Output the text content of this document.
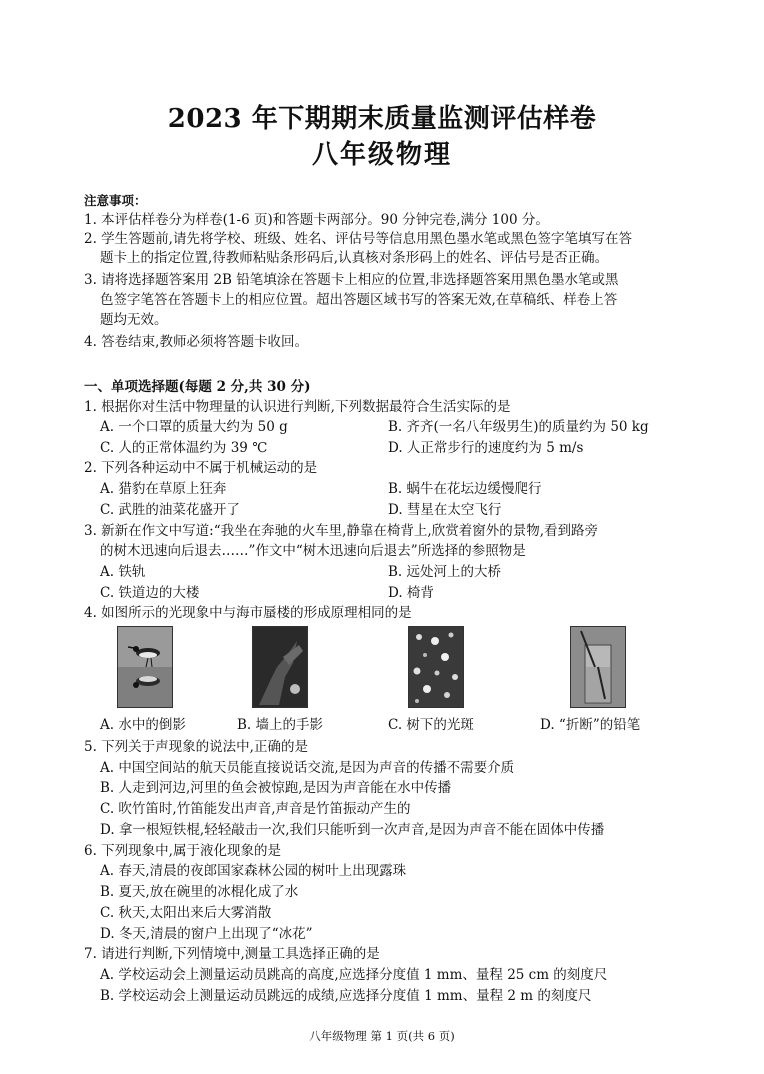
2023 年下期期末质量监测评估样卷
八年级物理
注意事项：
1. 本评估样卷分为样卷(1-6 页)和答题卡两部分。90 分钟完卷,满分 100 分。
2. 学生答题前,请先将学校、班级、姓名、评估号等信息用黑色墨水笔或黑色签字笔填写在答
题卡上的指定位置,待教师粘贴条形码后,认真核对条形码上的姓名、评估号是否正确。
3. 请将选择题答案用 2B 铅笔填涂在答题卡上相应的位置,非选择题答案用黑色墨水笔或黑
色签字笔答在答题卡上的相应位置。超出答题区域书写的答案无效,在草稿纸、样卷上答
题均无效。
4. 答卷结束,教师必须将答题卡收回。
一、单项选择题(每题 2 分,共 30 分)
1. 根据你对生活中物理量的认识进行判断,下列数据最符合生活实际的是
A. 一个口罩的质量大约为 50 g	B. 齐齐(一名八年级男生)的质量约为 50 kg
C. 人的正常体温约为 39 ℃	D. 人正常步行的速度约为 5 m/s
2. 下列各种运动中不属于机械运动的是
A. 猎豹在草原上狂奔	B. 蜗牛在花坛边缓慢爬行
C. 武胜的油菜花盛开了	D. 彗星在太空飞行
3. 新新在作文中写道:“我坐在奔驰的火车里,静靠在椅背上,欣赏着窗外的景物,看到路旁
的树木迅速向后退去……”作文中“树木迅速向后退去”所选择的参照物是
A. 铁轨	B. 远处河上的大桥
C. 铁道边的大楼	D. 椅背
4. 如图所示的光现象中与海市蜃楼的形成原理相同的是
A. 水中的倒影	B. 墙上的手影	C. 树下的光斑	D. “折断”的铅笔
5. 下列关于声现象的说法中,正确的是
A. 中国空间站的航天员能直接说话交流,是因为声音的传播不需要介质
B. 人走到河边,河里的鱼会被惊跑,是因为声音能在水中传播
C. 吹竹笛时,竹笛能发出声音,声音是竹笛振动产生的
D. 拿一根短铁棍,轻轻敲击一次,我们只能听到一次声音,是因为声音不能在固体中传播
6. 下列现象中,属于液化现象的是
A. 春天,清晨的夜郎国家森林公园的树叶上出现露珠
B. 夏天,放在碗里的冰棍化成了水
C. 秋天,太阳出来后大雾消散
D. 冬天,清晨的窗户上出现了“冰花”
7. 请进行判断,下列情境中,测量工具选择正确的是
A. 学校运动会上测量运动员跳高的高度,应选择分度值 1 mm、量程 25 cm 的刻度尺
B. 学校运动会上测量运动员跳远的成绩,应选择分度值 1 mm、量程 2 m 的刻度尺
八年级物理 第 1 页(共 6 页)
